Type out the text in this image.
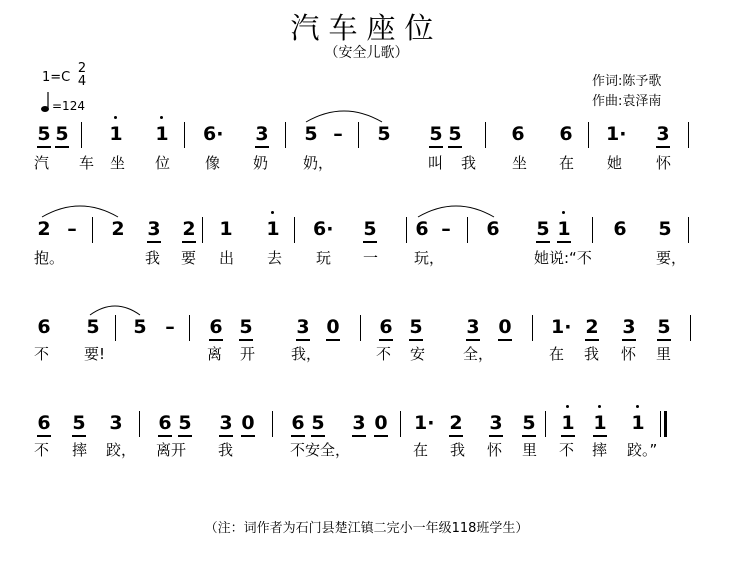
汽车座位
（安全儿歌）
作词:陈予歌
作曲:袁泽南
1=C
2
4
=124
5 5 1 1 6· 3 5 – 5 5 5	6 6 1· 3
汽 车 坐 位 像 奶 奶，	叫 我 坐 在 她 怀
2 – 2 3 2 1 1 6· 5 6 – 6 5 1 6 5
抱。	我 要 出 去 玩 一 玩，	她说:“不	要，
6 5 5 – 6 5 3 0 6 5 3 0 1· 2 3 5
不 要!	离 开 我，	不 安	全，	在 我 怀 里
6 5 3 6 5 3 0 6 5 3 0 1· 2 3 5 1 1 1
不 摔 跤， 离开 我	不安全，	在 我 怀 里 不 摔 跤。”
（注：词作者为石门县楚江镇二完小一年级118班学生）
